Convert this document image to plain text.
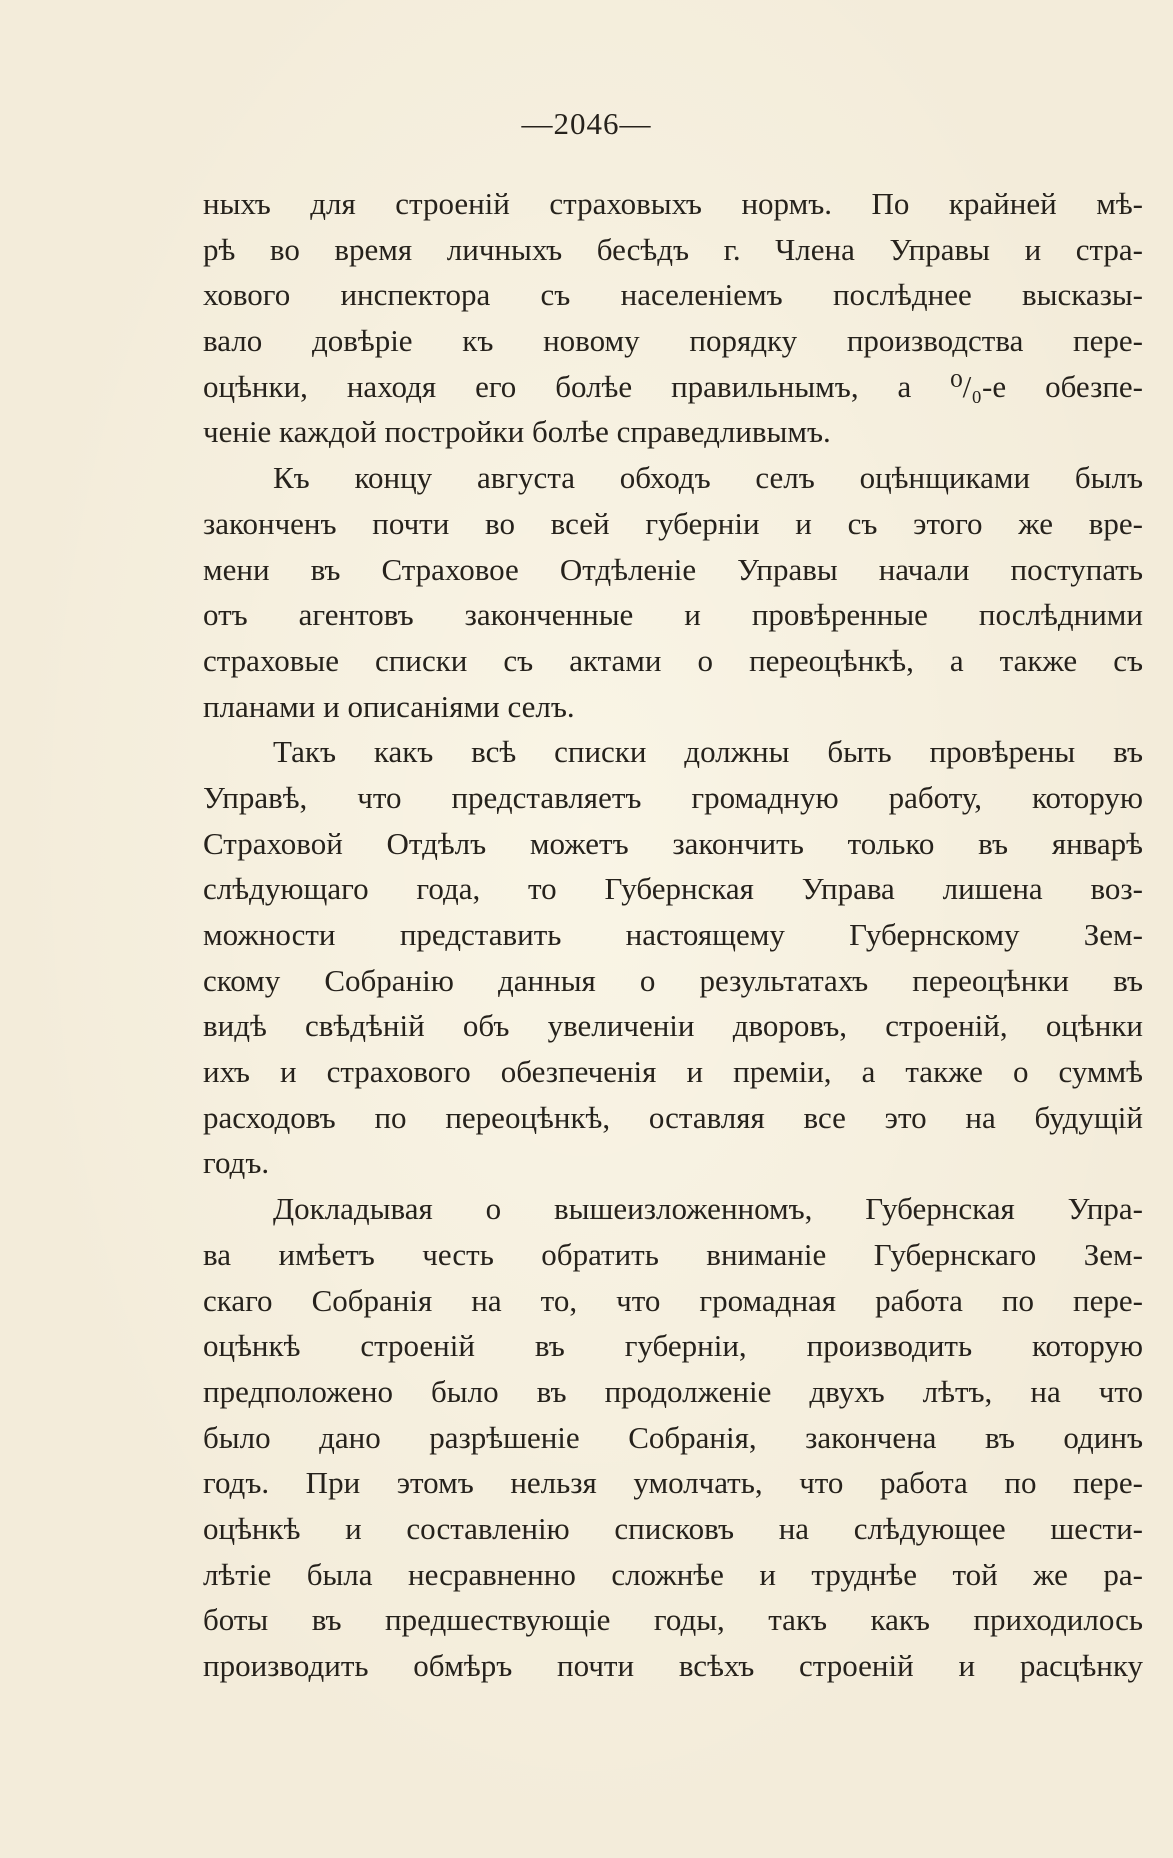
—2046—
ныхъ для строеній страховыхъ нормъ. По крайней мѣ-
рѣ во время личныхъ бесѣдъ г. Члена Управы и стра-
хового инспектора съ населеніемъ послѣднее высказы-
вало довѣріе къ новому порядку производства пере-
оцѣнки, находя его болѣе правильнымъ, а ⁰/₀-е обезпе-
ченіе каждой постройки болѣе справедливымъ.
Къ концу августа обходъ селъ оцѣнщиками былъ
законченъ почти во всей губерніи и съ этого же вре-
мени въ Страховое Отдѣленіе Управы начали поступать
отъ агентовъ законченные и провѣренные послѣдними
страховые списки съ актами о переоцѣнкѣ, а также съ
планами и описаніями селъ.
Такъ какъ всѣ списки должны быть провѣрены въ
Управѣ, что представляетъ громадную работу, которую
Страховой Отдѣлъ можетъ закончить только въ январѣ
слѣдующаго года, то Губернская Управа лишена воз-
можности представить настоящему Губернскому Зем-
скому Собранію данныя о результатахъ переоцѣнки въ
видѣ свѣдѣній объ увеличеніи дворовъ, строеній, оцѣнки
ихъ и страхового обезпеченія и преміи, а также о суммѣ
расходовъ по переоцѣнкѣ, оставляя все это на будущій
годъ.
Докладывая о вышеизложенномъ, Губернская Упра-
ва имѣетъ честь обратить вниманіе Губернскаго Зем-
скаго Собранія на то, что громадная работа по пере-
оцѣнкѣ строеній въ губерніи, производить которую
предположено было въ продолженіе двухъ лѣтъ, на что
было дано разрѣшеніе Собранія, закончена въ одинъ
годъ. При этомъ нельзя умолчать, что работа по пере-
оцѣнкѣ и составленію списковъ на слѣдующее шести-
лѣтіе была несравненно сложнѣе и труднѣе той же ра-
боты въ предшествующіе годы, такъ какъ приходилось
производить обмѣръ почти всѣхъ строеній и расцѣнку
